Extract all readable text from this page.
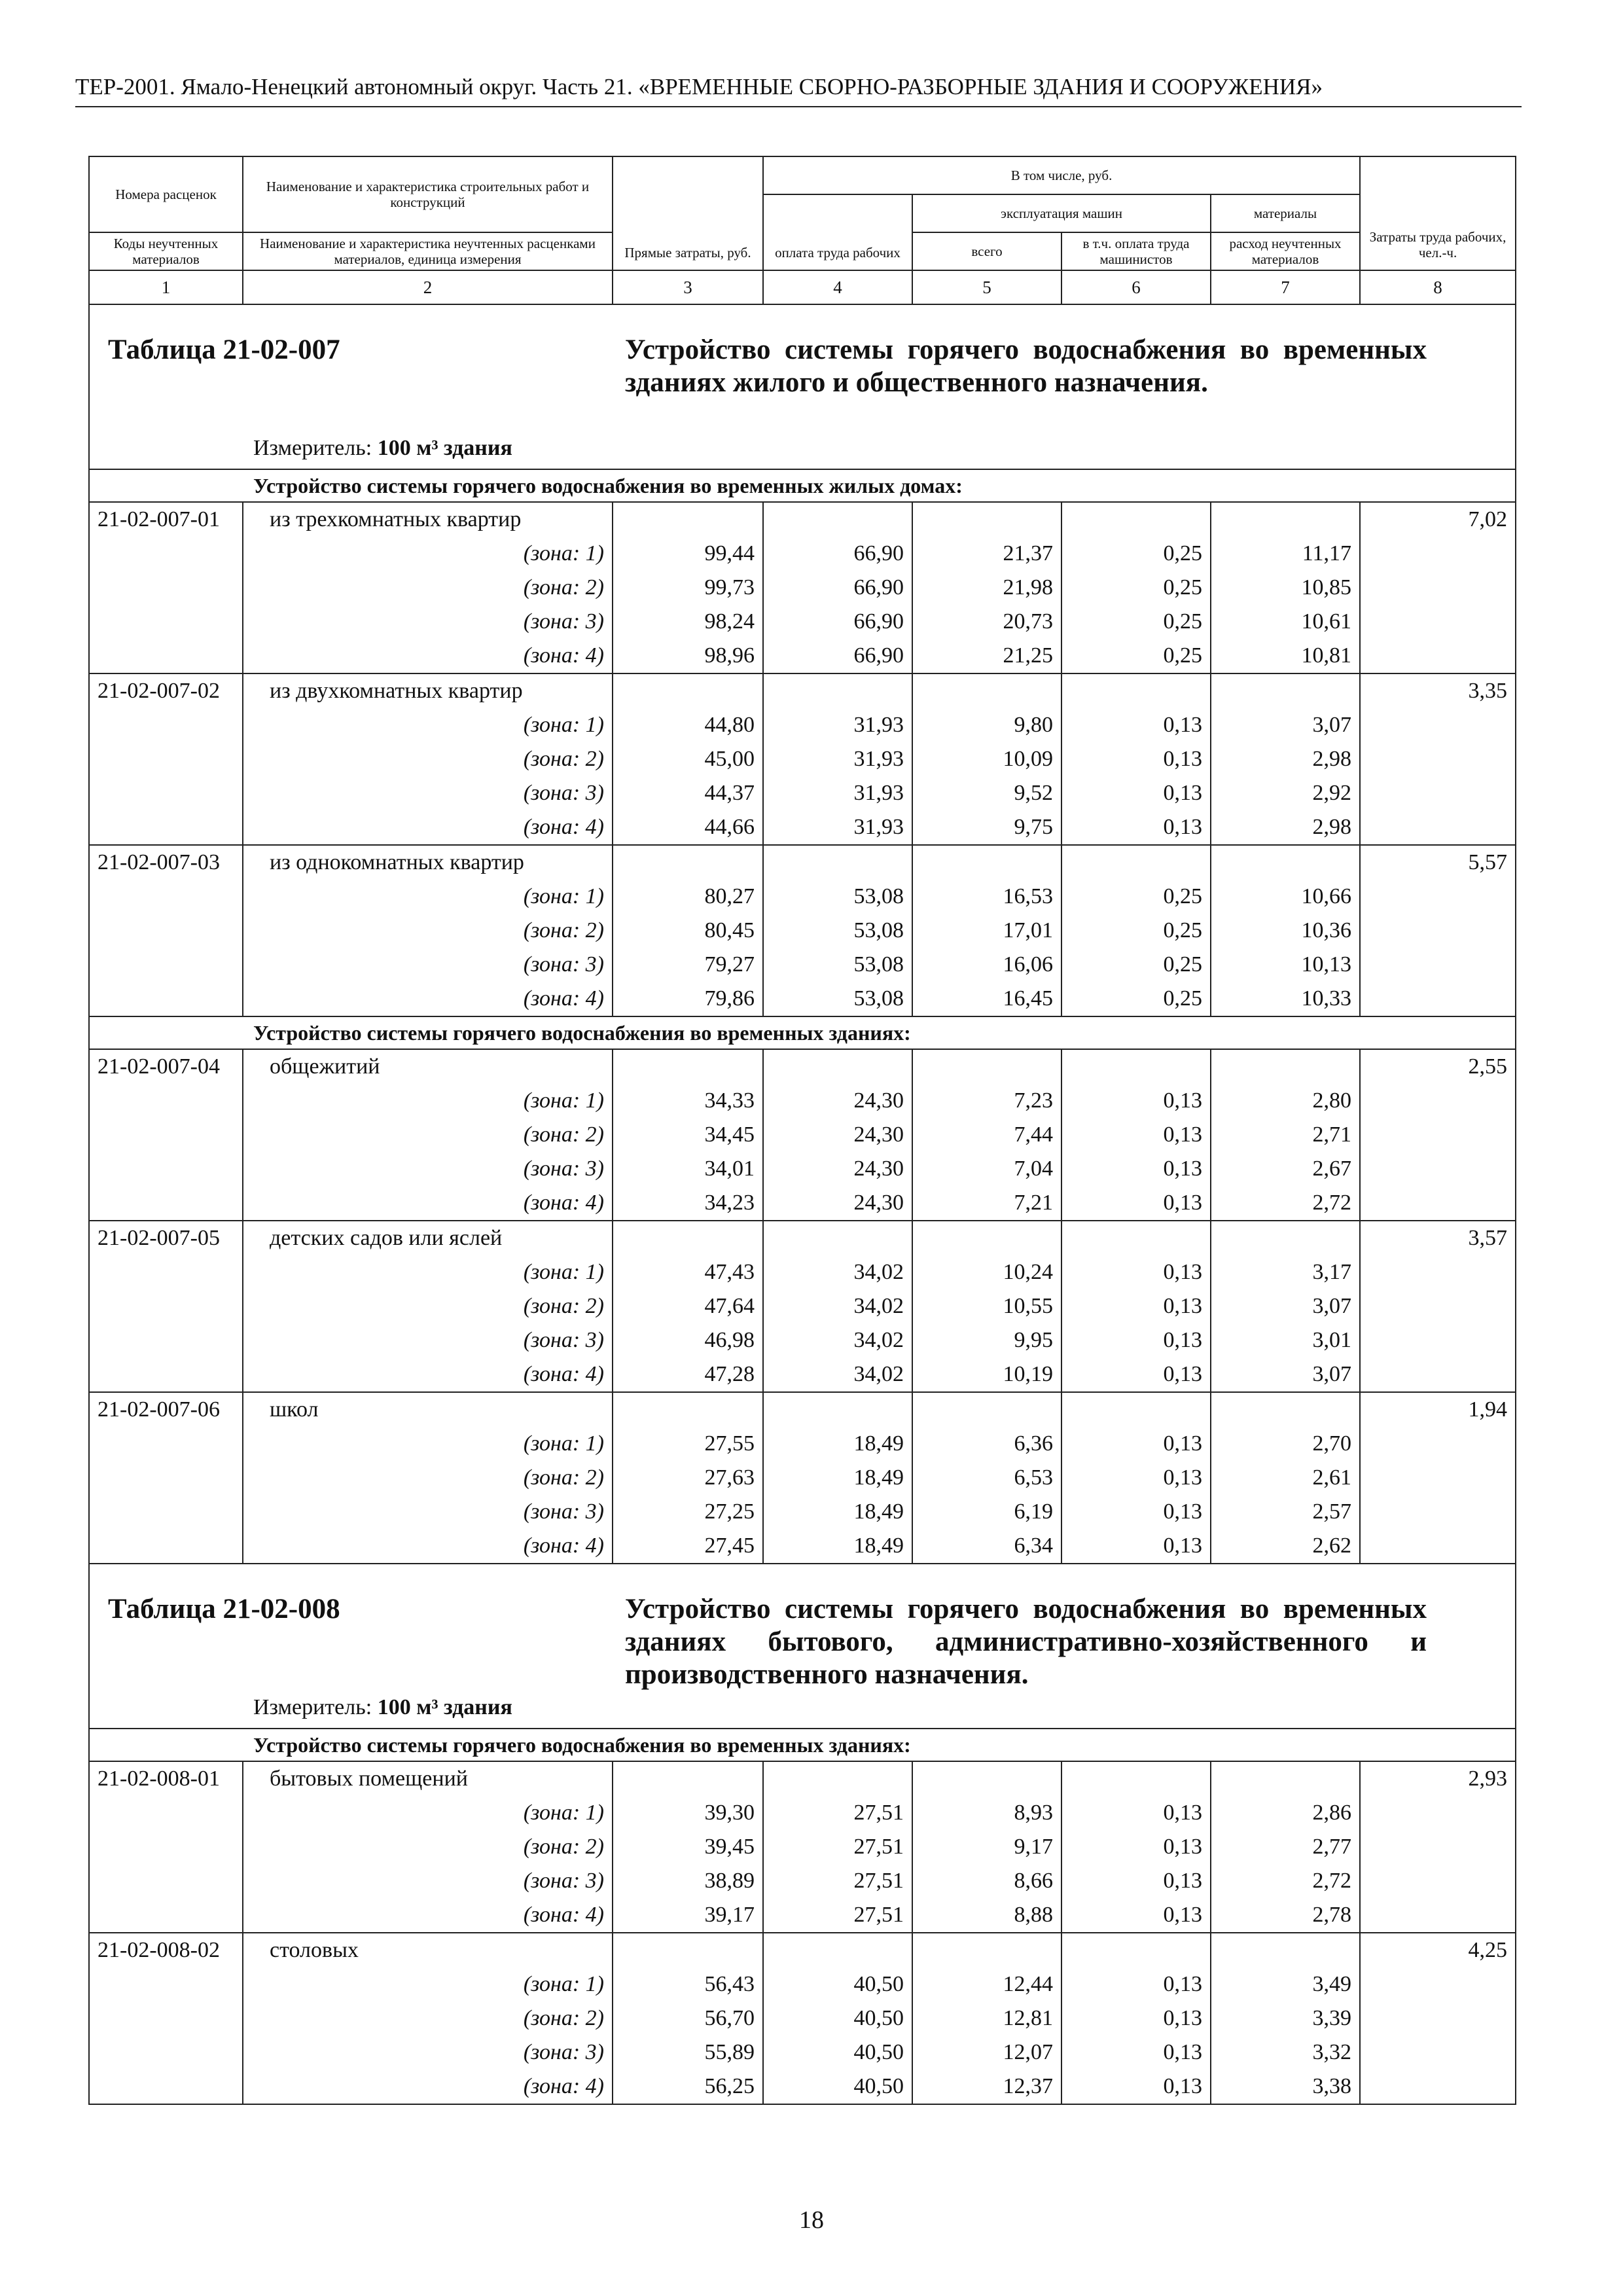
ТЕР-2001. Ямало-Ненецкий автономный округ. Часть 21. «ВРЕМЕННЫЕ СБОРНО-РАЗБОРНЫЕ ЗДАНИЯ И СООРУЖЕНИЯ»
Номера расценок	Наименование и характеристика строительных работ и конструкций	Прямые затраты, руб.	В том числе, руб.				Затраты труда рабочих, чел.-ч.
			оплата труда рабочих	эксплуатация машин		материалы	
Коды неучтенных материалов	Наименование и характеристика неучтенных расценками материалов, единица измерения			всего	в т.ч. оплата труда машинистов	расход неучтенных материалов	

1	2	3	4	5	6	7	8

Таблица 21-02-007 Устройство системы горячего водоснабжения во временных зданиях жилого и общественного назначения.
Измеритель: 100 м³ здания							

Устройство системы горячего водоснабжения во временных жилых домах:							
21-02-007-01	из трехкомнатных квартир						7,02
	(зона: 1)	99,44	66,90	21,37	0,25	11,17	
	(зона: 2)	99,73	66,90	21,98	0,25	10,85	
	(зона: 3)	98,24	66,90	20,73	0,25	10,61	
	(зона: 4)	98,96	66,90	21,25	0,25	10,81	
21-02-007-02	из двухкомнатных квартир						3,35
	(зона: 1)	44,80	31,93	9,80	0,13	3,07	
	(зона: 2)	45,00	31,93	10,09	0,13	2,98	
	(зона: 3)	44,37	31,93	9,52	0,13	2,92	
	(зона: 4)	44,66	31,93	9,75	0,13	2,98	
21-02-007-03	из однокомнатных квартир						5,57
	(зона: 1)	80,27	53,08	16,53	0,25	10,66	
	(зона: 2)	80,45	53,08	17,01	0,25	10,36	
	(зона: 3)	79,27	53,08	16,06	0,25	10,13	
	(зона: 4)	79,86	53,08	16,45	0,25	10,33	
Устройство системы горячего водоснабжения во временных зданиях:							
21-02-007-04	общежитий						2,55
	(зона: 1)	34,33	24,30	7,23	0,13	2,80	
	(зона: 2)	34,45	24,30	7,44	0,13	2,71	
	(зона: 3)	34,01	24,30	7,04	0,13	2,67	
	(зона: 4)	34,23	24,30	7,21	0,13	2,72	
21-02-007-05	детских садов или яслей						3,57
	(зона: 1)	47,43	34,02	10,24	0,13	3,17	
	(зона: 2)	47,64	34,02	10,55	0,13	3,07	
	(зона: 3)	46,98	34,02	9,95	0,13	3,01	
	(зона: 4)	47,28	34,02	10,19	0,13	3,07	
21-02-007-06	школ						1,94
	(зона: 1)	27,55	18,49	6,36	0,13	2,70	
	(зона: 2)	27,63	18,49	6,53	0,13	2,61	
	(зона: 3)	27,25	18,49	6,19	0,13	2,57	
	(зона: 4)	27,45	18,49	6,34	0,13	2,62	

Таблица 21-02-008 Устройство системы горячего водоснабжения во временных зданиях бытового, административно-хозяйственного и производственного назначения.
Измеритель: 100 м³ здания							

Устройство системы горячего водоснабжения во временных зданиях:							
21-02-008-01	бытовых помещений						2,93
	(зона: 1)	39,30	27,51	8,93	0,13	2,86	
	(зона: 2)	39,45	27,51	9,17	0,13	2,77	
	(зона: 3)	38,89	27,51	8,66	0,13	2,72	
	(зона: 4)	39,17	27,51	8,88	0,13	2,78	
21-02-008-02	столовых						4,25
	(зона: 1)	56,43	40,50	12,44	0,13	3,49	
	(зона: 2)	56,70	40,50	12,81	0,13	3,39	
	(зона: 3)	55,89	40,50	12,07	0,13	3,32	
	(зона: 4)	56,25	40,50	12,37	0,13	3,38	
18
